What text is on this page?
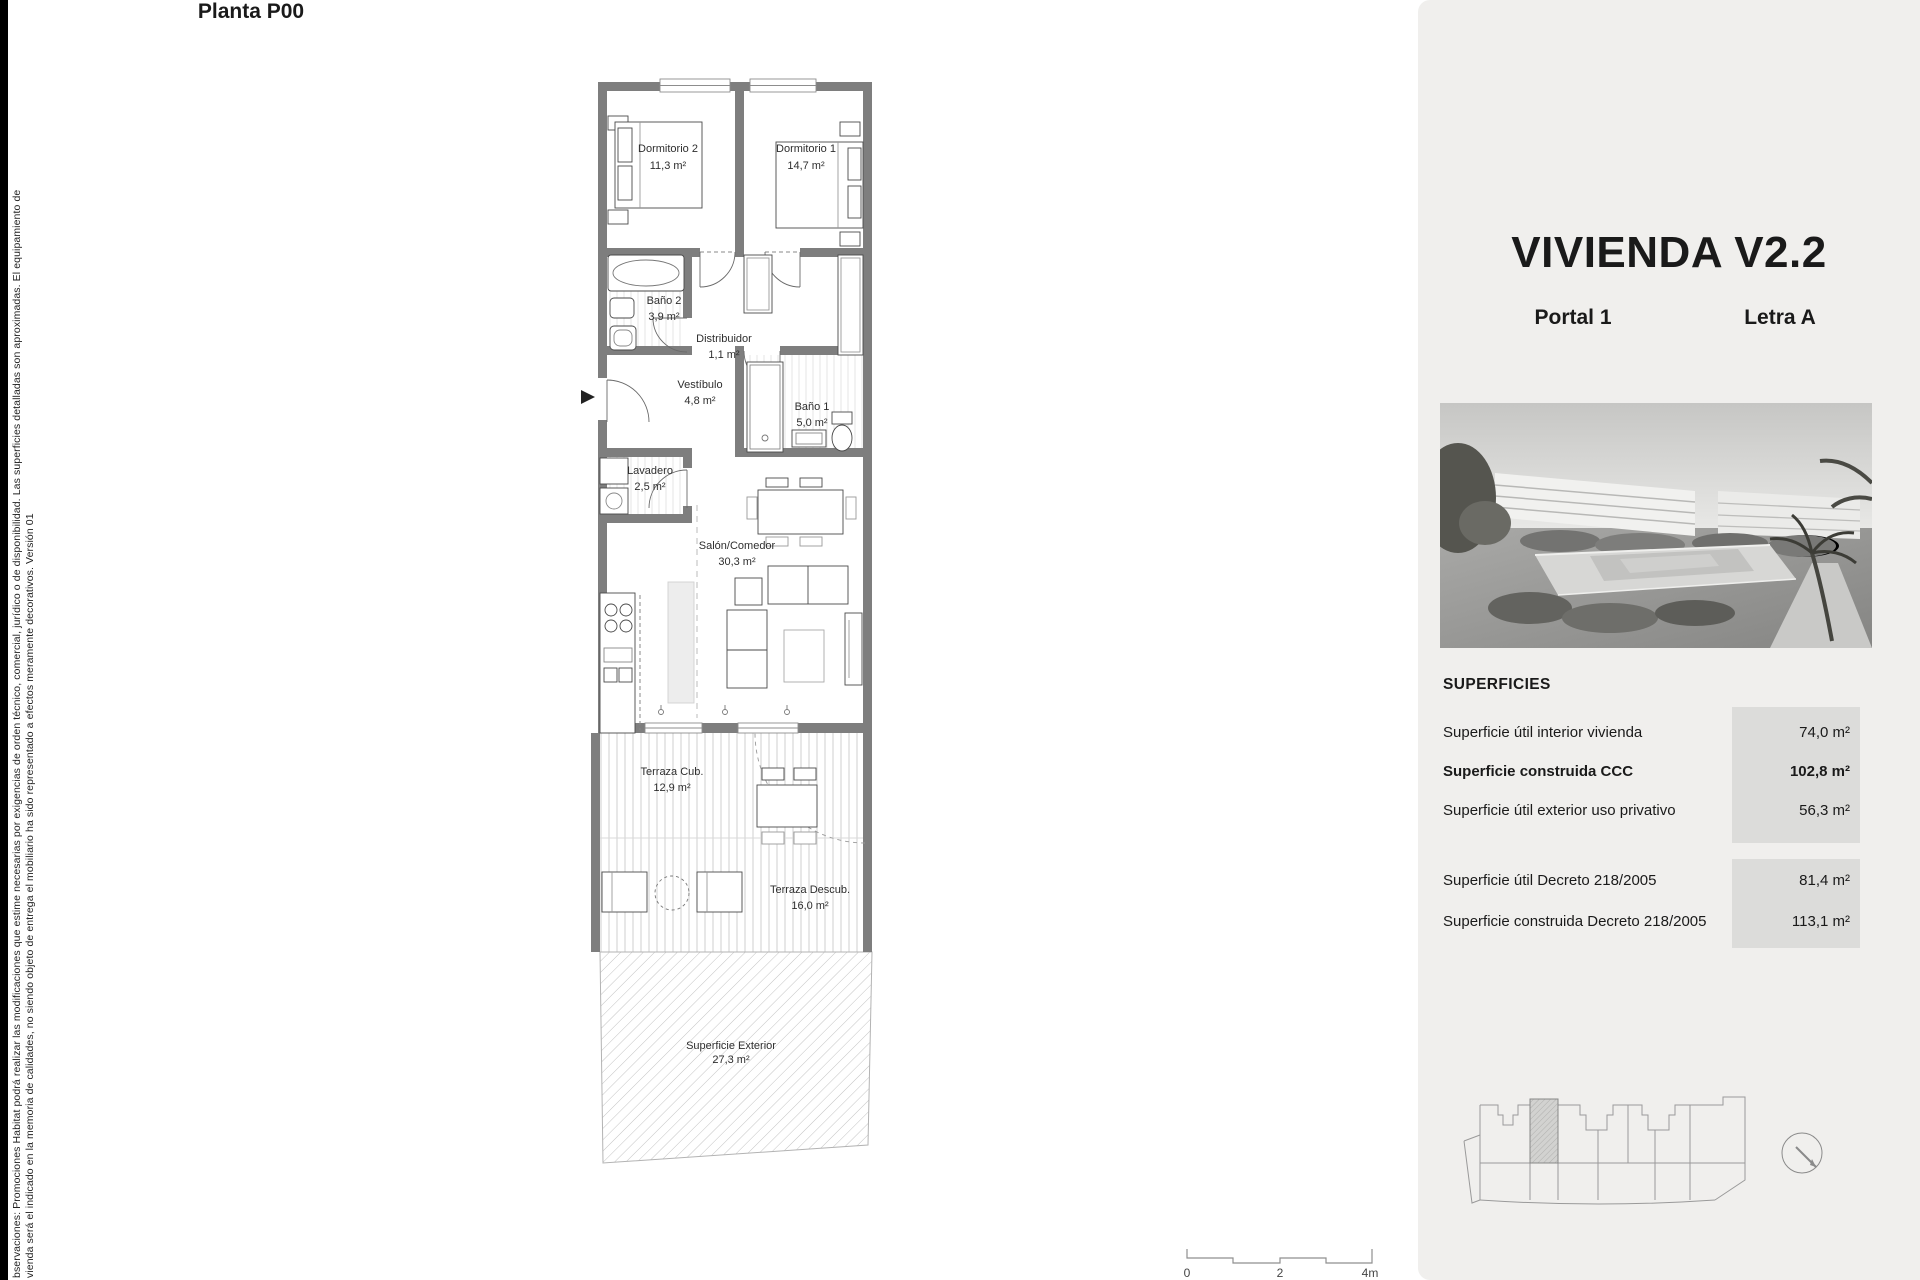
bservaciones: Promociones Habitat podrá realizar las modificaciones que estime necesarias por exigencias de orden técnico, comercial, jurídico o de disponibilidad. Las superficies detalladas son aproximadas. El equipamiento de vienda será el indicado en la memoria de calidades, no siendo objeto de entrega el mobiliario ha sido representado a efectos meramente decorativos. Versión 01
Dormitorio 2
11,3 m²
Dormitorio 1
14,7 m²
Baño 2
3,9 m²
Distribuidor
1,1 m²
Vestíbulo
4,8 m²	Baño 1
5,0 m²
Lavadero
2,5 m²
Salón/Comedor
30,3 m²
Terraza Cub.
12,9 m²
Terraza Descub.
16,0 m²
Superficie Exterior
27,3 m²
0	2	4m
VIVIENDA V2.2
Portal 1	Letra A
Planta P00
SUPERFICIES
Superficie útil interior vivienda	74,0 m²
Superficie construida CCC	102,8 m²
Superficie útil exterior uso privativo	56,3 m²
Superficie útil Decreto 218/2005	81,4 m²
Superficie construida Decreto 218/2005	113,1 m²
